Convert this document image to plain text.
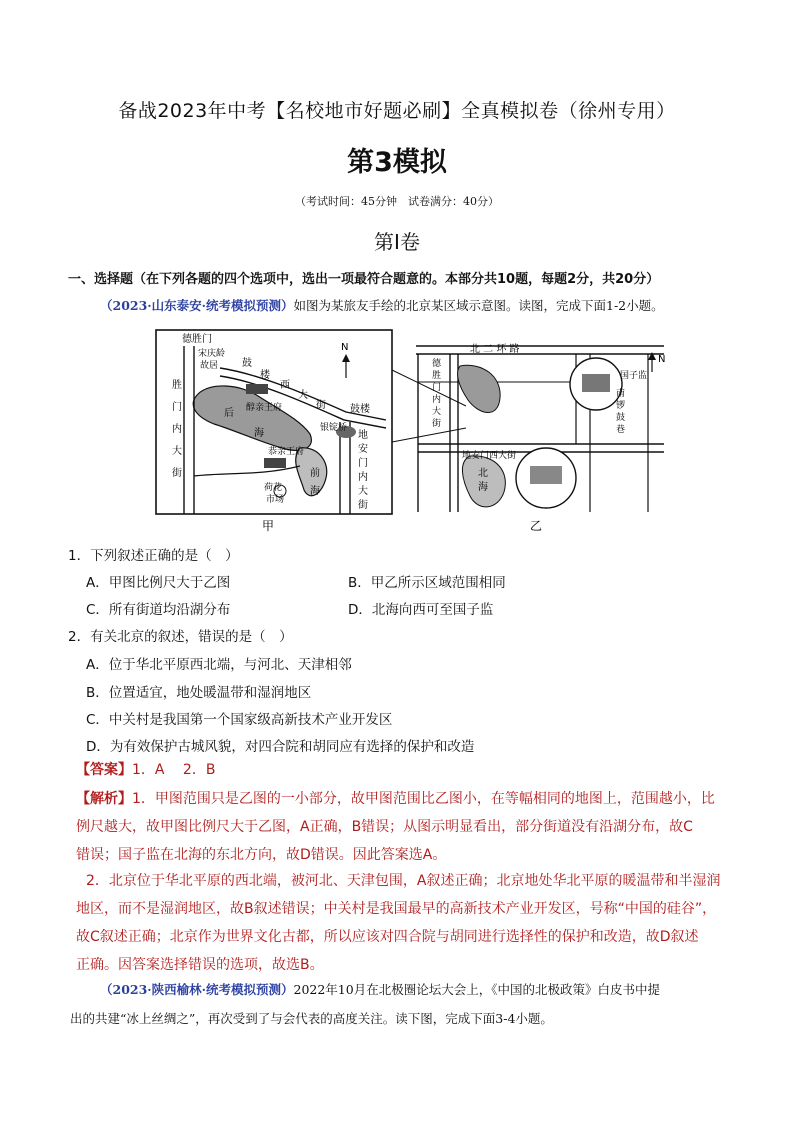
备战2023年中考【名校地市好题必刷】全真模拟卷（徐州专用）
第3模拟
（考试时间：45分钟　试卷满分：40分）
第Ⅰ卷
一、选择题（在下列各题的四个选项中，选出一项最符合题意的。本部分共10题，每题2分，共20分）
（2023·山东泰安·统考模拟预测）如图为某旅友手绘的北京某区域示意图。读图，完成下面1-2小题。
N
德胜门
宋庆龄
故居 鼓
楼
西
大
街
醇亲王府
后
海
鼓楼
银锭桥
恭亲王府
前
海
荷花
市场
地
安
门
内
大
街
胜
门
内
大
街
甲
北 二 环 路
国子监
地安门西大街
德
胜
门
内
大
街
南
锣
鼓
巷
北
海
N
乙
1．下列叙述正确的是（　）
A．甲图比例尺大于乙图	B．甲乙所示区域范围相同
C．所有街道均沿湖分布	D．北海向西可至国子监
2．有关北京的叙述，错误的是（　）
A．位于华北平原西北端，与河北、天津相邻
B．位置适宜，地处暖温带和湿润地区
C．中关村是我国第一个国家级高新技术产业开发区
D．为有效保护古城风貌，对四合院和胡同应有选择的保护和改造
【答案】1．A　 2．B
【解析】1．甲图范围只是乙图的一小部分，故甲图范围比乙图小，在等幅相同的地图上，范围越小，比
例尺越大，故甲图比例尺大于乙图，A正确，B错误；从图示明显看出，部分街道没有沿湖分布，故C
错误；国子监在北海的东北方向，故D错误。因此答案选A。
2．北京位于华北平原的西北端，被河北、天津包围，A叙述正确；北京地处华北平原的暖温带和半湿润
地区，而不是湿润地区，故B叙述错误；中关村是我国最早的高新技术产业开发区，号称“中国的硅谷”，
故C叙述正确；北京作为世界文化古都，所以应该对四合院与胡同进行选择性的保护和改造，故D叙述
正确。因答案选择错误的选项，故选B。
（2023·陕西榆林·统考模拟预测）2022年10月在北极圈论坛大会上，《中国的北极政策》白皮书中提
出的共建“冰上丝绸之”，再次受到了与会代表的高度关注。读下图，完成下面3-4小题。
